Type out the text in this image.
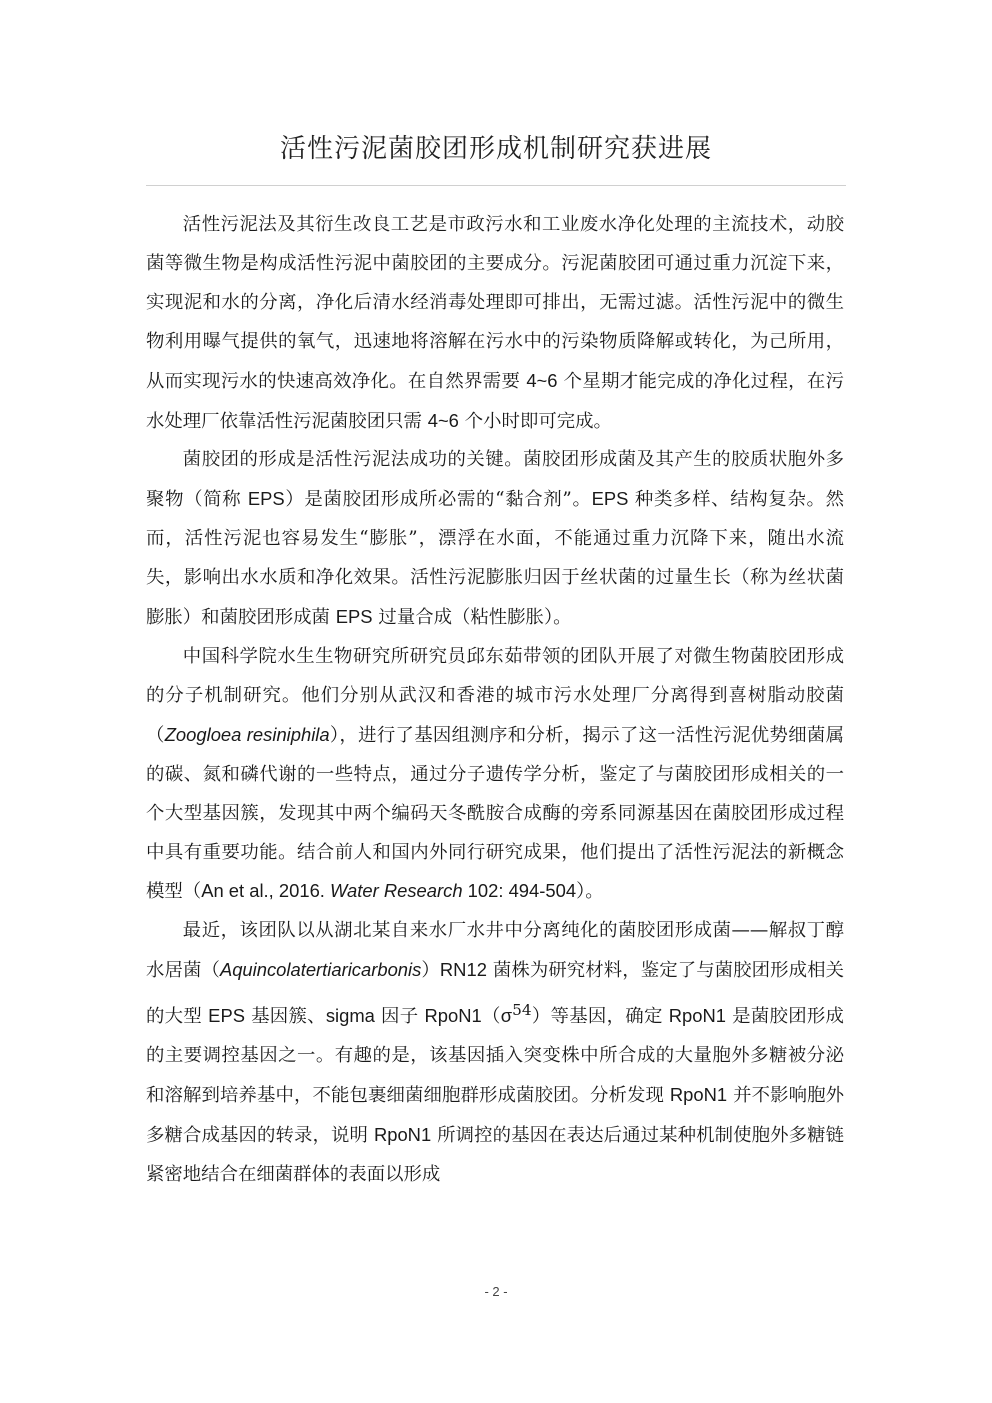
活性污泥菌胶团形成机制研究获进展

活性污泥法及其衍生改良工艺是市政污水和工业废水净化处理的主流技术，动胶菌等微生物是构成活性污泥中菌胶团的主要成分。污泥菌胶团可通过重力沉淀下来，实现泥和水的分离，净化后清水经消毒处理即可排出，无需过滤。活性污泥中的微生物利用曝气提供的氧气，迅速地将溶解在污水中的污染物质降解或转化，为己所用，从而实现污水的快速高效净化。在自然界需要 4~6 个星期才能完成的净化过程，在污水处理厂依靠活性污泥菌胶团只需 4~6 个小时即可完成。

菌胶团的形成是活性污泥法成功的关键。菌胶团形成菌及其产生的胶质状胞外多聚物（简称 EPS）是菌胶团形成所必需的“黏合剂”。EPS 种类多样、结构复杂。然而，活性污泥也容易发生“膨胀”，漂浮在水面，不能通过重力沉降下来，随出水流失，影响出水水质和净化效果。活性污泥膨胀归因于丝状菌的过量生长（称为丝状菌膨胀）和菌胶团形成菌 EPS 过量合成（粘性膨胀）。

中国科学院水生生物研究所研究员邱东茹带领的团队开展了对微生物菌胶团形成的分子机制研究。他们分别从武汉和香港的城市污水处理厂分离得到喜树脂动胶菌（Zoogloea resiniphila），进行了基因组测序和分析，揭示了这一活性污泥优势细菌属的碳、氮和磷代谢的一些特点，通过分子遗传学分析，鉴定了与菌胶团形成相关的一个大型基因簇，发现其中两个编码天冬酰胺合成酶的旁系同源基因在菌胶团形成过程中具有重要功能。结合前人和国内外同行研究成果，他们提出了活性污泥法的新概念模型（An et al., 2016. Water Research 102: 494-504）。

最近，该团队以从湖北某自来水厂水井中分离纯化的菌胶团形成菌——解叔丁醇水居菌（Aquincolatertiaricarbonis）RN12 菌株为研究材料，鉴定了与菌胶团形成相关的大型 EPS 基因簇、sigma 因子 $RpoN1(\sigma^{54})$等基因，确定 RpoN1 是菌胶团形成的主要调控基因之一。有趣的是，该基因插入突变株中所合成的大量胞外多糖被分泌和溶解到培养基中，不能包裹细菌细胞群形成菌胶团。分析发现 RpoN1 并不影响胞外多糖合成基因的转录，说明 RpoN1 所调控的基因在表达后通过某种机制使胞外多糖链紧密地结合在细菌群体的表面以形成

- 2 -
